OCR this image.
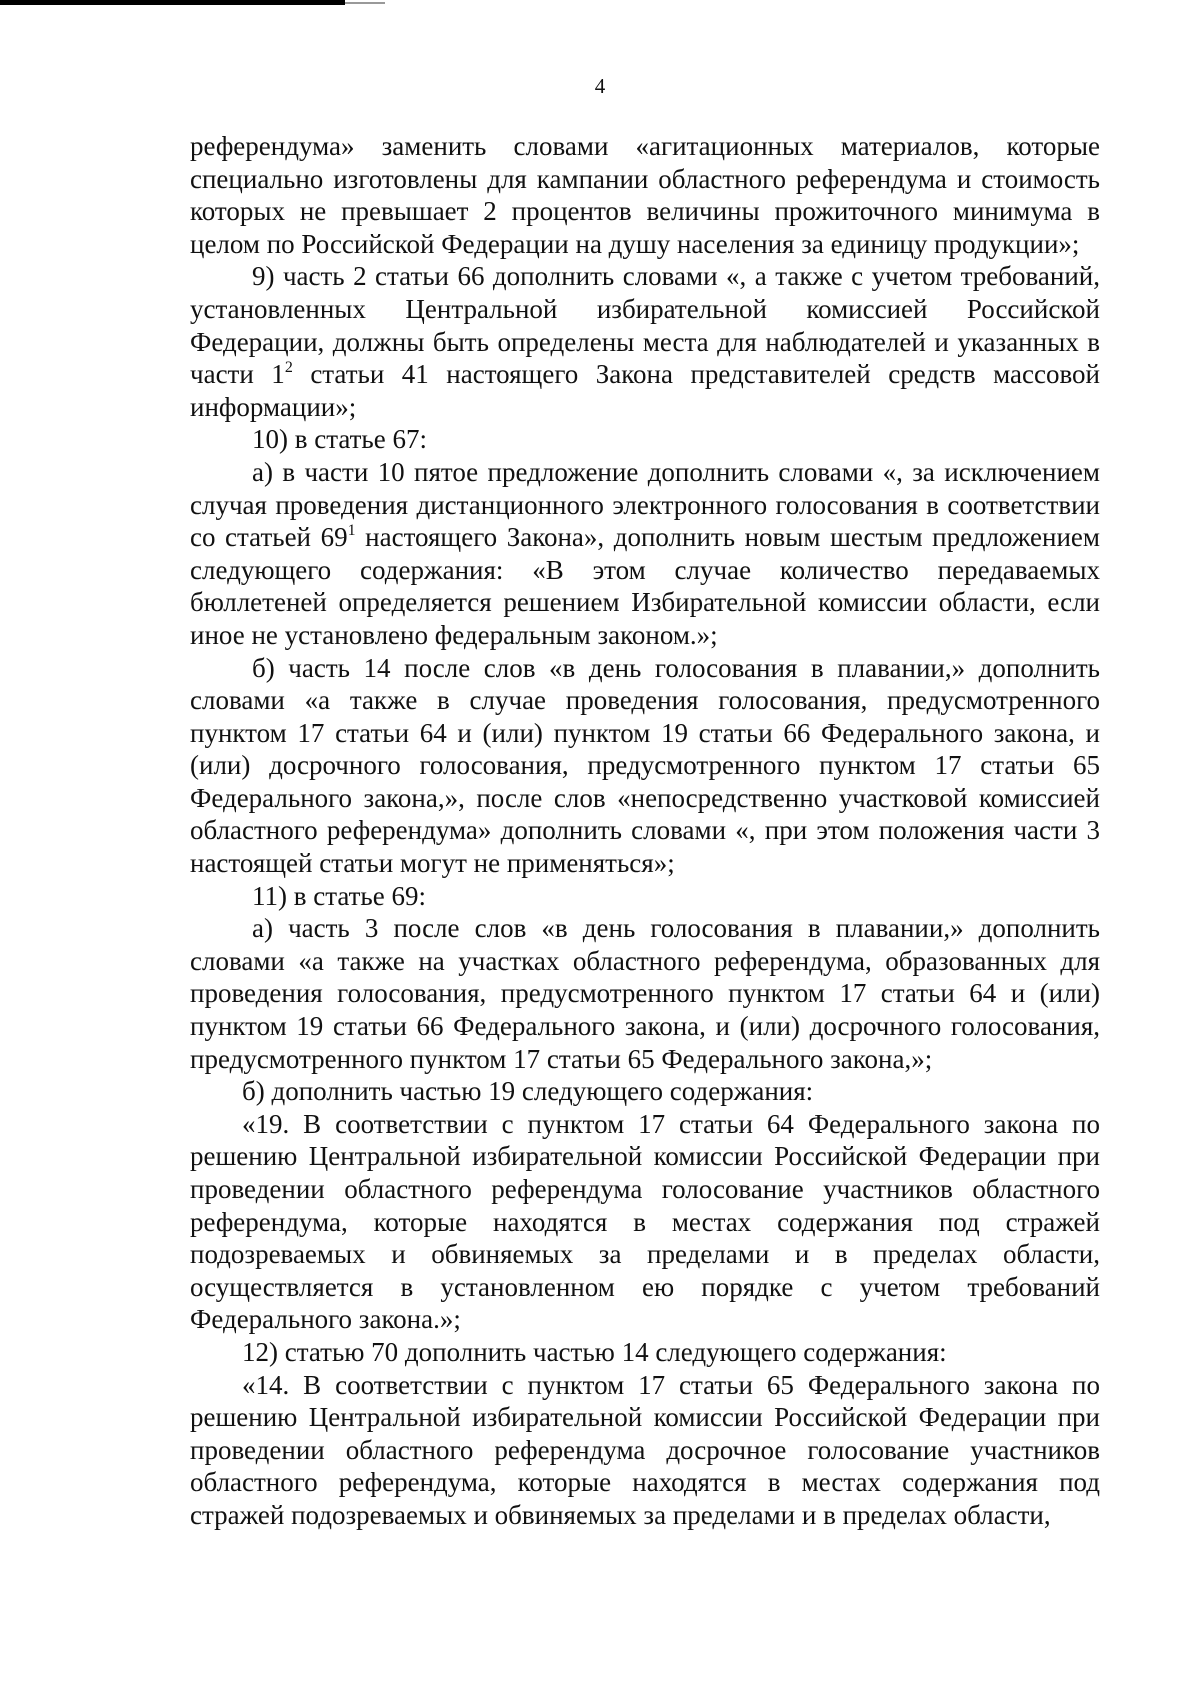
4

референдума» заменить словами «агитационных материалов, которые специально изготовлены для кампании областного референдума и стоимость которых не превышает 2 процентов величины прожиточного минимума в целом по Российской Федерации на душу населения за единицу продукции»;

9) часть 2 статьи 66 дополнить словами «, а также с учетом требований, установленных Центральной избирательной комиссией Российской Федерации, должны быть определены места для наблюдателей и указанных в части $1^2$ статьи 41 настоящего Закона представителей средств массовой информации»;

10) в статье 67:

а) в части 10 пятое предложение дополнить словами «, за исключением случая проведения дистанционного электронного голосования в соответствии со статьей $69^1$ настоящего Закона», дополнить новым шестым предложением следующего содержания: «В этом случае количество передаваемых бюллетеней определяется решением Избирательной комиссии области, если иное не установлено федеральным законом.»;

б) часть 14 после слов «в день голосования в плавании,» дополнить словами «а также в случае проведения голосования, предусмотренного пунктом 17 статьи 64 и (или) пунктом 19 статьи 66 Федерального закона, и (или) досрочного голосования, предусмотренного пунктом 17 статьи 65 Федерального закона,», после слов «непосредственно участковой комиссией областного референдума» дополнить словами «, при этом положения части 3 настоящей статьи могут не применяться»;

11) в статье 69:

а) часть 3 после слов «в день голосования в плавании,» дополнить словами «а также на участках областного референдума, образованных для проведения голосования, предусмотренного пунктом 17 статьи 64 и (или) пунктом 19 статьи 66 Федерального закона, и (или) досрочного голосования, предусмотренного пунктом 17 статьи 65 Федерального закона,»;

б) дополнить частью 19 следующего содержания:

«19. В соответствии с пунктом 17 статьи 64 Федерального закона по решению Центральной избирательной комиссии Российской Федерации при проведении областного референдума голосование участников областного референдума, которые находятся в местах содержания под стражей подозреваемых и обвиняемых за пределами и в пределах области, осуществляется в установленном ею порядке с учетом требований Федерального закона.»;

12) статью 70 дополнить частью 14 следующего содержания:

«14. В соответствии с пунктом 17 статьи 65 Федерального закона по решению Центральной избирательной комиссии Российской Федерации при проведении областного референдума досрочное голосование участников областного референдума, которые находятся в местах содержания под стражей подозреваемых и обвиняемых за пределами и в пределах области,
